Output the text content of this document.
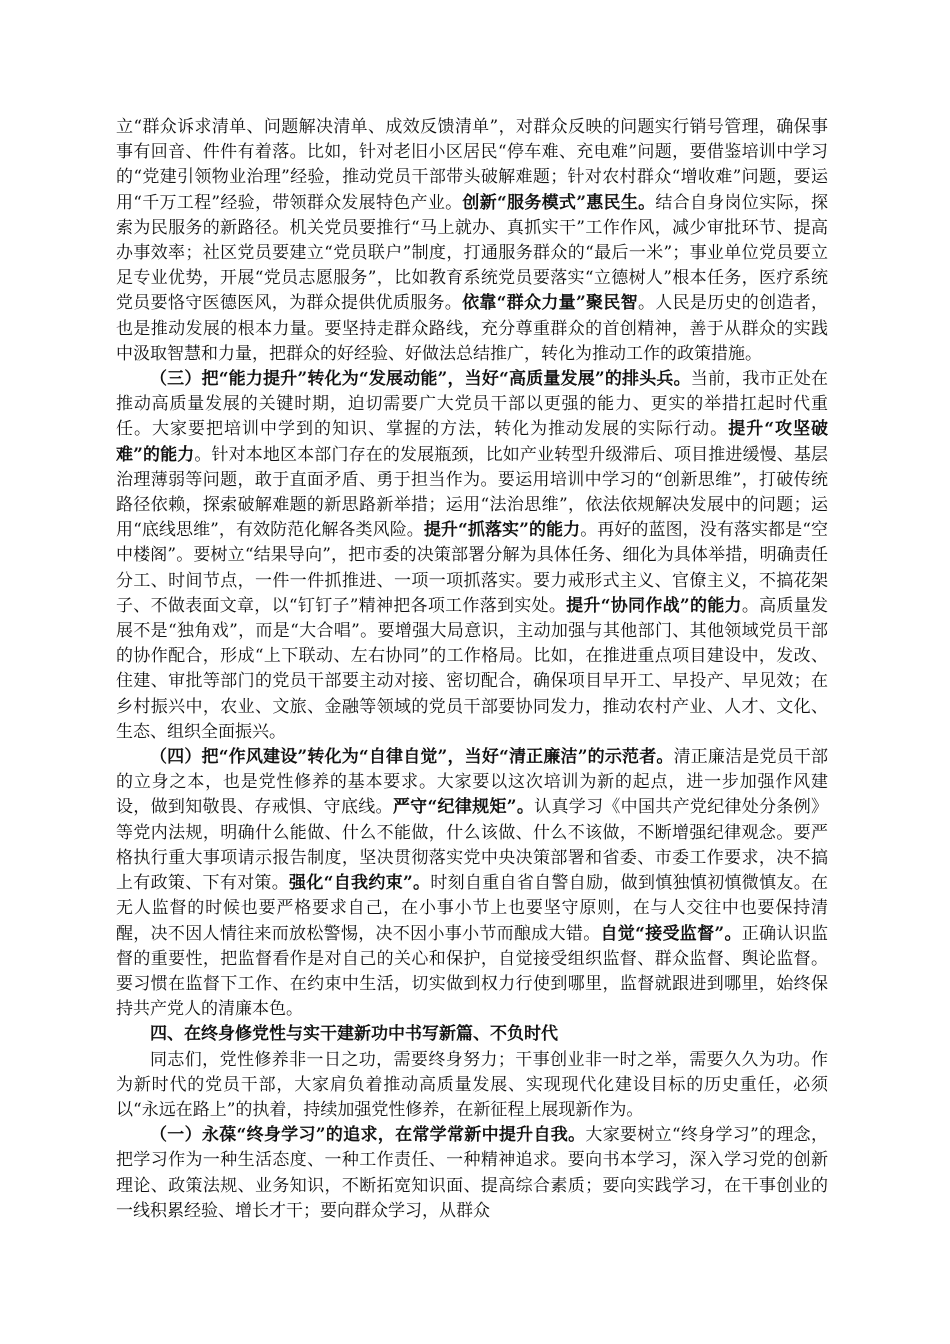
立“群众诉求清单、问题解决清单、成效反馈清单”，对群众反映的问题实行销号管理，确保事事有回音、件件有着落。比如，针对老旧小区居民“停车难、充电难”问题，要借鉴培训中学习的“党建引领物业治理”经验，推动党员干部带头破解难题；针对农村群众“增收难”问题，要运用“千万工程”经验，带领群众发展特色产业。创新“服务模式”惠民生。结合自身岗位实际，探索为民服务的新路径。机关党员要推行“马上就办、真抓实干”工作作风，减少审批环节、提高办事效率；社区党员要建立“党员联户”制度，打通服务群众的“最后一米”；事业单位党员要立足专业优势，开展“党员志愿服务”，比如教育系统党员要落实“立德树人”根本任务，医疗系统党员要恪守医德医风，为群众提供优质服务。依靠“群众力量”聚民智。人民是历史的创造者，也是推动发展的根本力量。要坚持走群众路线，充分尊重群众的首创精神，善于从群众的实践中汲取智慧和力量，把群众的好经验、好做法总结推广，转化为推动工作的政策措施。

（三）把“能力提升”转化为“发展动能”，当好“高质量发展”的排头兵。当前，我市正处在推动高质量发展的关键时期，迫切需要广大党员干部以更强的能力、更实的举措扛起时代重任。大家要把培训中学到的知识、掌握的方法，转化为推动发展的实际行动。提升“攻坚破难”的能力。针对本地区本部门存在的发展瓶颈，比如产业转型升级滞后、项目推进缓慢、基层治理薄弱等问题，敢于直面矛盾、勇于担当作为。要运用培训中学习的“创新思维”，打破传统路径依赖，探索破解难题的新思路新举措；运用“法治思维”，依法依规解决发展中的问题；运用“底线思维”，有效防范化解各类风险。提升“抓落实”的能力。再好的蓝图，没有落实都是“空中楼阁”。要树立“结果导向”，把市委的决策部署分解为具体任务、细化为具体举措，明确责任分工、时间节点，一件一件抓推进、一项一项抓落实。要力戒形式主义、官僚主义，不搞花架子、不做表面文章，以“钉钉子”精神把各项工作落到实处。提升“协同作战”的能力。高质量发展不是“独角戏”，而是“大合唱”。要增强大局意识，主动加强与其他部门、其他领域党员干部的协作配合，形成“上下联动、左右协同”的工作格局。比如，在推进重点项目建设中，发改、住建、审批等部门的党员干部要主动对接、密切配合，确保项目早开工、早投产、早见效；在乡村振兴中，农业、文旅、金融等领域的党员干部要协同发力，推动农村产业、人才、文化、生态、组织全面振兴。

（四）把“作风建设”转化为“自律自觉”，当好“清正廉洁”的示范者。清正廉洁是党员干部的立身之本，也是党性修养的基本要求。大家要以这次培训为新的起点，进一步加强作风建设，做到知敬畏、存戒惧、守底线。严守“纪律规矩”。认真学习《中国共产党纪律处分条例》等党内法规，明确什么能做、什么不能做，什么该做、什么不该做，不断增强纪律观念。要严格执行重大事项请示报告制度，坚决贯彻落实党中央决策部署和省委、市委工作要求，决不搞上有政策、下有对策。强化“自我约束”。时刻自重自省自警自励，做到慎独慎初慎微慎友。在无人监督的时候也要严格要求自己，在小事小节上也要坚守原则，在与人交往中也要保持清醒，决不因人情往来而放松警惕，决不因小事小节而酿成大错。自觉“接受监督”。正确认识监督的重要性，把监督看作是对自己的关心和保护，自觉接受组织监督、群众监督、舆论监督。要习惯在监督下工作、在约束中生活，切实做到权力行使到哪里，监督就跟进到哪里，始终保持共产党人的清廉本色。

四、在终身修党性与实干建新功中书写新篇、不负时代

同志们，党性修养非一日之功，需要终身努力；干事创业非一时之举，需要久久为功。作为新时代的党员干部，大家肩负着推动高质量发展、实现现代化建设目标的历史重任，必须以“永远在路上”的执着，持续加强党性修养，在新征程上展现新作为。

（一）永葆“终身学习”的追求，在常学常新中提升自我。大家要树立“终身学习”的理念，把学习作为一种生活态度、一种工作责任、一种精神追求。要向书本学习，深入学习党的创新理论、政策法规、业务知识，不断拓宽知识面、提高综合素质；要向实践学习，在干事创业的一线积累经验、增长才干；要向群众学习，从群众
